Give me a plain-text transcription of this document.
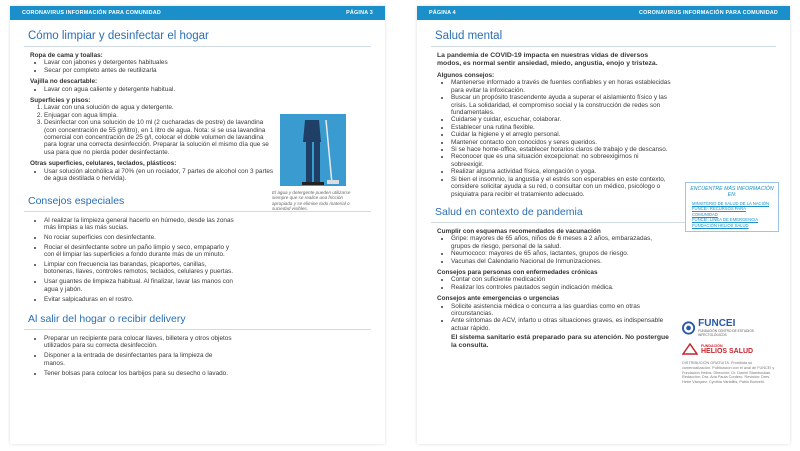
CORONAVIRUS INFORMACIÓN PARA COMUNIDAD	PÁGINA 3
Cómo limpiar y desinfectar el hogar
Ropa de cama y toallas:
• Lavar con jabones y detergentes habituales
• Secar por completo antes de reutilizarla
Vajilla no descartable:
• Lavar con agua caliente y detergente habitual.
Superficies y pisos:
1. Lavar con una solución de agua y detergente.
2. Enjuagar con agua limpia.
3. Desinfectar con una solución de 10 ml (2 cucharadas de postre) de lavandina (con concentración de 55 gr/litro), en 1 litro de agua. Nota: si se usa lavandina comercial con concentración de 25 g/l, colocar el doble volumen de lavandina para lograr una correcta desinfección. Preparar la solución el mismo día que se usa para que no pierda poder desinfectante.
Otras superficies, celulares, teclados, plásticos:
• Usar solución alcohólica al 70% (en un rociador, 7 partes de alcohol con 3 partes de agua destilada o hervida).
El agua y detergente pueden utilizarse siempre que se realice una fricción apropiada y se elimine todo material o suciedad visibles.
Consejos especiales
• Al realizar la limpieza general hacerlo en húmedo, desde las zonas más limpias a las más sucias.
• No rociar superficies con desinfectante.
• Rociar el desinfectante sobre un paño limpio y seco, empaparlo y con él limpiar las superficies a fondo durante más de un minuto.
• Limpiar con frecuencia las barandas, picaportes, canillas, botoneras, llaves, controles remotos, teclados, celulares y puertas.
• Usar guantes de limpieza habitual. Al finalizar, lavar las manos con agua y jabón.
• Evitar salpicaduras en el rostro.
Al salir del hogar o recibir delivery
• Preparar un recipiente para colocar llaves, billetera y otros objetos utilizados para su correcta desinfección.
• Disponer a la entrada de desinfectantes para la limpieza de manos.
• Tener bolsas para colocar los barbijos para su desecho o lavado.
PÁGINA 4	CORONAVIRUS INFORMACIÓN PARA COMUNIDAD
Salud mental
La pandemia de COVID-19 impacta en nuestras vidas de diversos modos, es normal sentir ansiedad, miedo, angustia, enojo y tristeza.
Algunos consejos:
• Mantenerse informado a través de fuentes confiables y en horas establecidas para evitar la infoxicación.
• Buscar un propósito trascendente ayuda a superar el aislamiento físico y las crisis. La solidaridad, el compromiso social y la construcción de redes son fundamentales.
• Cuidarse y cuidar, escuchar, colaborar.
• Establecer una rutina flexible.
• Cuidar la higiene y el arreglo personal.
• Mantener contacto con conocidos y seres queridos.
• Si se hace home-office, establecer horarios claros de trabajo y de descanso.
• Reconocer que es una situación excepcional: no sobreexigirnos ni sobreexigir.
• Realizar alguna actividad física, elongación o yoga.
• Si bien el insomnio, la angustia y el estrés son esperables en este contexto, considere solicitar ayuda a su red, o consultar con un médico, psicólogo o psiquiatra para recibir el tratamiento adecuado.
ENCUENTRE MÁS INFORMACIÓN EN:
MINISTERIO DE SALUD DE LA NACIÓN
FUNCEI: RECURSOS PARA COMUNIDAD
FUNCEI: LINEA DE EMERGENCIA
FUNDACIÓN HELIOS SALUD
Salud en contexto de pandemia
Cumplir con esquemas recomendados de vacunación
• Gripe: mayores de 65 años, niños de 6 meses a 2 años, embarazadas, grupos de riesgo, personal de la salud.
• Neumococo: mayores de 65 años, lactantes, grupos de riesgo.
• Vacunas del Calendario Nacional de Inmunizaciones.
Consejos para personas con enfermedades crónicas
• Contar con suficiente medicación
• Realizar los controles pautados según indicación médica.
Consejos ante emergencias o urgencias
• Solicite asistencia médica o concurra a las guardias como en otras circunstancias.
• Ante síntomas de ACV, infarto u otras situaciones graves, es indispensable actuar rápido.
El sistema sanitario está preparado para su atención. No postergue la consulta.
FUNCEI
FUNDACIÓN CENTRO DE ESTUDIOS INFECTOLÓGICOS
FUNDACIÓN
HELIOS SALUD
DISTRIBUCIÓN GRATUITA. Prohibida su comercialización. Publicación con el aval de FUNCEI y Fundación Helios. Dirección: Dr. Daniel Stamboulian. Redacción: Dra. Ana Paula Cordero. Revisión: Dres. Hebe Vázquez, Cynthia Vartalitis, Pablo Bonvehí.
